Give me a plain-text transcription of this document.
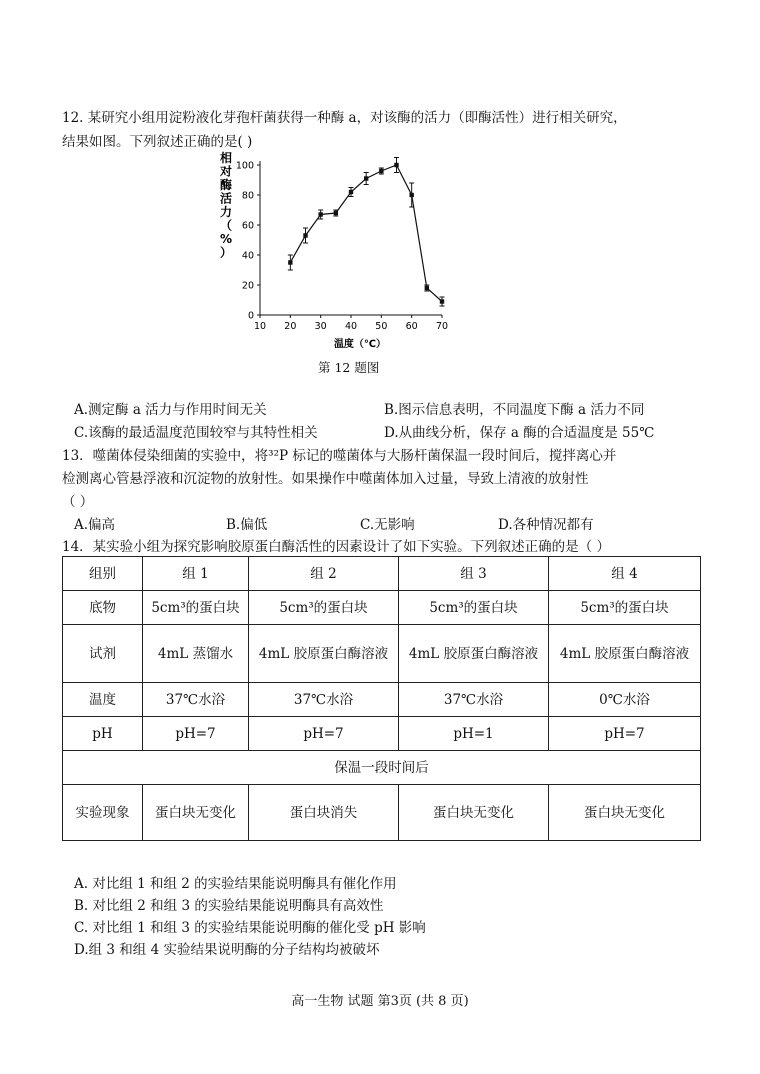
12. 某研究小组用淀粉液化芽孢杆菌获得一种酶 a，对该酶的活力（即酶活性）进行相关研究，
结果如图。下列叙述正确的是( )
10 20 30 40 50 60 70
0
20
40
60
80
100
相对酶活力（%）
温度（℃）
第 12 题图
A.测定酶 a 活力与作用时间无关	B.图示信息表明，不同温度下酶 a 活力不同
C.该酶的最适温度范围较窄与其特性相关	D.从曲线分析，保存 a 酶的合适温度是 55℃
13．噬菌体侵染细菌的实验中，将³²P 标记的噬菌体与大肠杆菌保温一段时间后，搅拌离心并
检测离心管悬浮液和沉淀物的放射性。如果操作中噬菌体加入过量，导致上清液的放射性
（ ）
A.偏高	B.偏低	C.无影响	D.各种情况都有
14．某实验小组为探究影响胶原蛋白酶活性的因素设计了如下实验。下列叙述正确的是（ ）
组别	组 1	组 2	组 3	组 4
底物	5cm³的蛋白块	5cm³的蛋白块	5cm³的蛋白块	5cm³的蛋白块
试剂	4mL 蒸馏水	4mL 胶原蛋白酶溶液	4mL 胶原蛋白酶溶液	4mL 胶原蛋白酶溶液
温度	37℃水浴	37℃水浴	37℃水浴	0℃水浴
pH	pH=7	pH=7	pH=1	pH=7
保温一段时间后				
实验现象	蛋白块无变化	蛋白块消失	蛋白块无变化	蛋白块无变化
A. 对比组 1 和组 2 的实验结果能说明酶具有催化作用
B. 对比组 2 和组 3 的实验结果能说明酶具有高效性
C. 对比组 1 和组 3 的实验结果能说明酶的催化受 pH 影响
D.组 3 和组 4 实验结果说明酶的分子结构均被破坏
高一生物 试题 第3页 (共 8 页)
